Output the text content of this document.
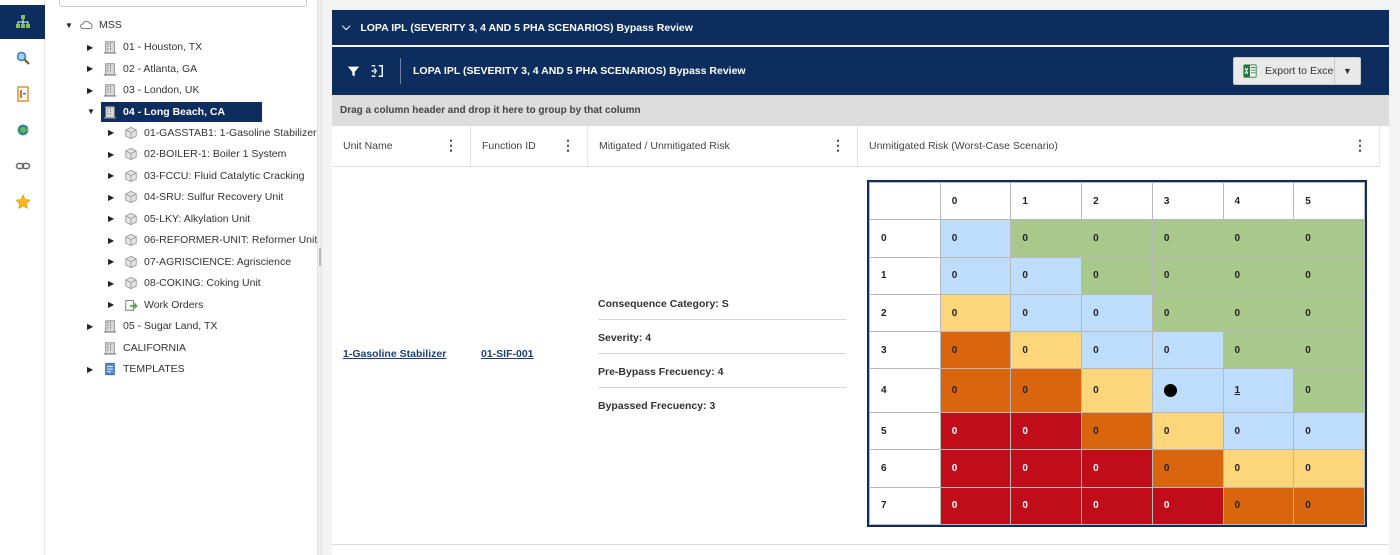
▼ MSS
▶	01 - Houston, TX
▶	02 - Atlanta, GA
▶	03 - London, UK
▼	04 - Long Beach, CA
▶	01-GASSTAB1: 1-Gasoline Stabilizer
▶	02-BOILER-1: Boiler 1 System
▶	03-FCCU: Fluid Catalytic Cracking
▶	04-SRU: Sulfur Recovery Unit
▶	05-LKY: Alkylation Unit
▶	06-REFORMER-UNIT: Reformer Unit
▶	07-AGRISCIENCE: Agriscience
▶	08-COKING: Coking Unit
▶	Work Orders
▶	05 - Sugar Land, TX
CALIFORNIA
▶	TEMPLATES
⌵ LOPA IPL (SEVERITY 3, 4 AND 5 PHA SCENARIOS) Bypass Review
LOPA IPL (SEVERITY 3, 4 AND 5 PHA SCENARIOS) Bypass Review	Export to Excel ▼
Drag a column header and drop it here to group by that column
Unit Name	⋮ Function ID ⋮ Mitigated / Unmitigated Risk	⋮ Unmitigated Risk (Worst-Case Scenario)	⋮
1-Gasoline Stabilizer	01-SIF-001
Consequence Category: S
Severity: 4
Pre-Bypass Frecuency: 4
Bypassed Frecuency: 3
	0	1	2	3	4	5
0	0	0	0	0	0	0
1	0	0	0	0	0	0
2	0	0	0	0	0	0
3	0	0	0	0	0	0
4	0	0	0		1	0
5	0	0	0	0	0	0
6	0	0	0	0	0	0
7	0	0	0	0	0	0
